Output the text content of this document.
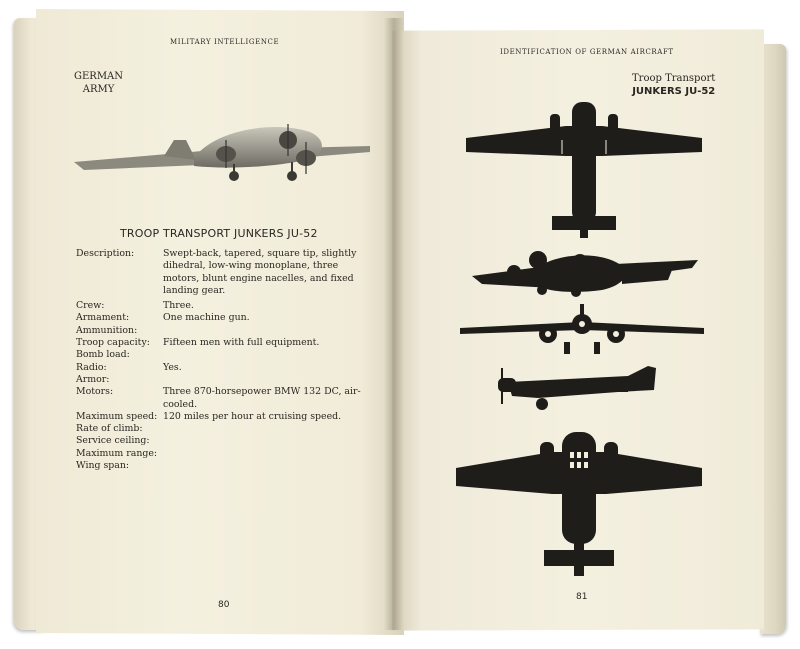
MILITARY INTELLIGENCE
GERMAN
ARMY
TROOP TRANSPORT JUNKERS JU-52
Description:	Swept-back, tapered, square tip, slightly dihedral, low-wing monoplane, three motors, blunt engine nacelles, and fixed landing gear.
Crew:	Three.
Armament:	One machine gun.
Ammunition:
Troop capacity:	Fifteen men with full equipment.
Bomb load:
Radio:	Yes.
Armor:
Motors:	Three 870-horsepower BMW 132 DC, air-cooled.
Maximum speed: 120 miles per hour at cruising speed.
Rate of climb:
Service ceiling:
Maximum range:
Wing span:
80
IDENTIFICATION OF GERMAN AIRCRAFT
Troop Transport
JUNKERS JU-52
81
